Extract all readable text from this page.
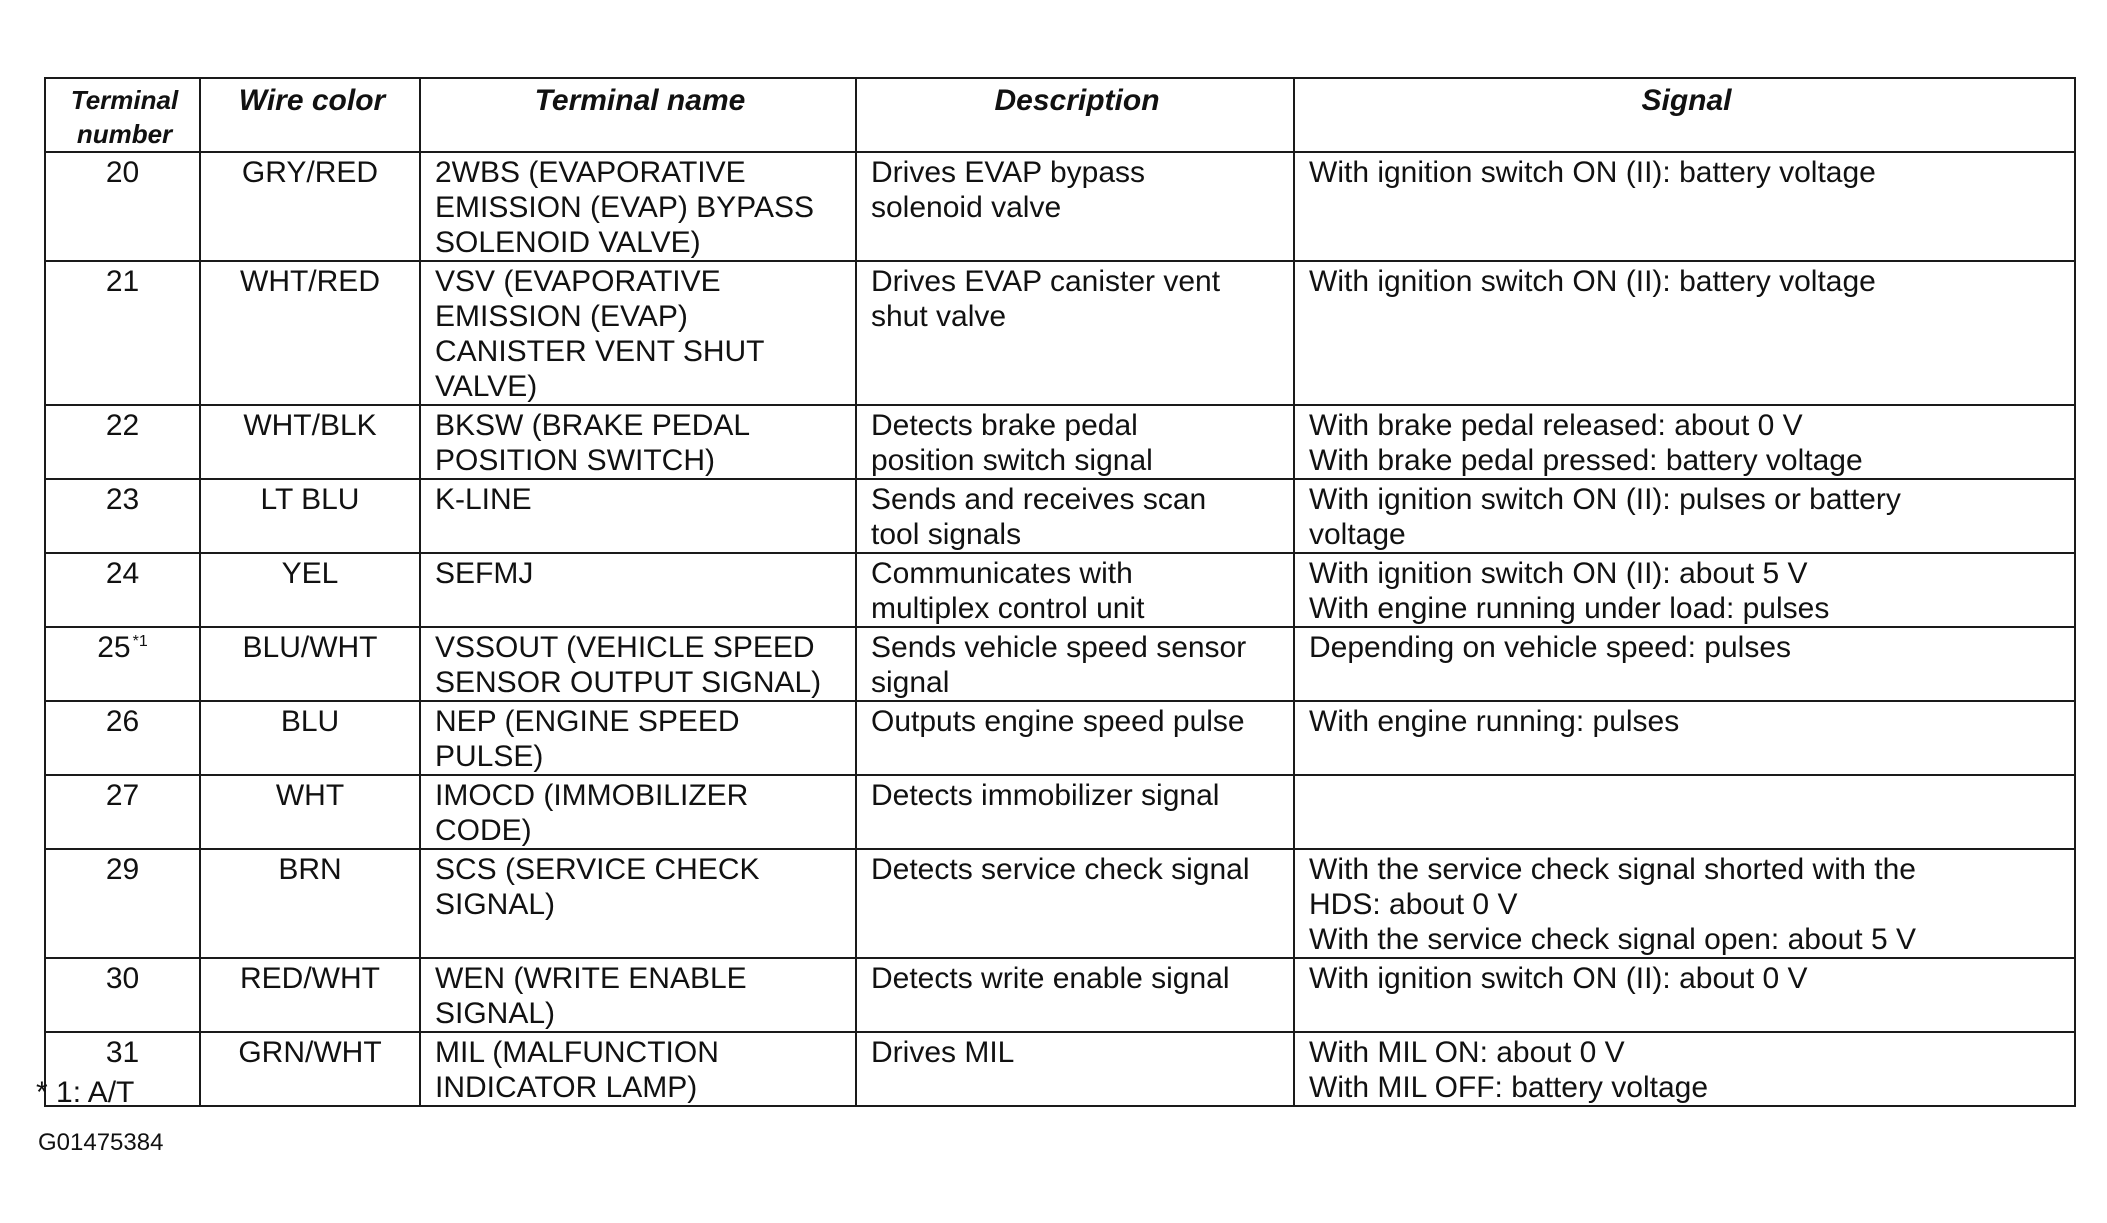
Terminal number	Wire color	Terminal name	Description	Signal
20	GRY/RED	2WBS (EVAPORATIVE
EMISSION (EVAP) BYPASS
SOLENOID VALVE)	Drives EVAP bypass
solenoid valve	With ignition switch ON (II): battery voltage

21	WHT/RED	VSV (EVAPORATIVE
EMISSION (EVAP)
CANISTER VENT SHUT
VALVE)	Drives EVAP canister vent
shut valve	With ignition switch ON (II): battery voltage

22	WHT/BLK	BKSW (BRAKE PEDAL
POSITION SWITCH)	Detects brake pedal
position switch signal	With brake pedal released: about 0 V
With brake pedal pressed: battery voltage

23	LT BLU	K-LINE	Sends and receives scan
tool signals	With ignition switch ON (II): pulses or battery
voltage

24	YEL	SEFMJ	Communicates with
multiplex control unit	With ignition switch ON (II): about 5 V
With engine running under load: pulses

25 $^{*1}$	BLU/WHT	VSSOUT (VEHICLE SPEED
SENSOR OUTPUT SIGNAL)	Sends vehicle speed sensor
signal	Depending on vehicle speed: pulses

26	BLU	NEP (ENGINE SPEED
PULSE)	Outputs engine speed pulse	With engine running: pulses

27	WHT	IMOCD (IMMOBILIZER
CODE)	Detects immobilizer signal	

29	BRN	SCS (SERVICE CHECK
SIGNAL)	Detects service check signal	With the service check signal shorted with the
HDS: about 0 V
With the service check signal open: about 5 V

30	RED/WHT	WEN (WRITE ENABLE
SIGNAL)	Detects write enable signal	With ignition switch ON (II): about 0 V

31	GRN/WHT	MIL (MALFUNCTION
INDICATOR LAMP)	Drives MIL	With MIL ON: about 0 V
With MIL OFF: battery voltage
* 1: A/T
G01475384
